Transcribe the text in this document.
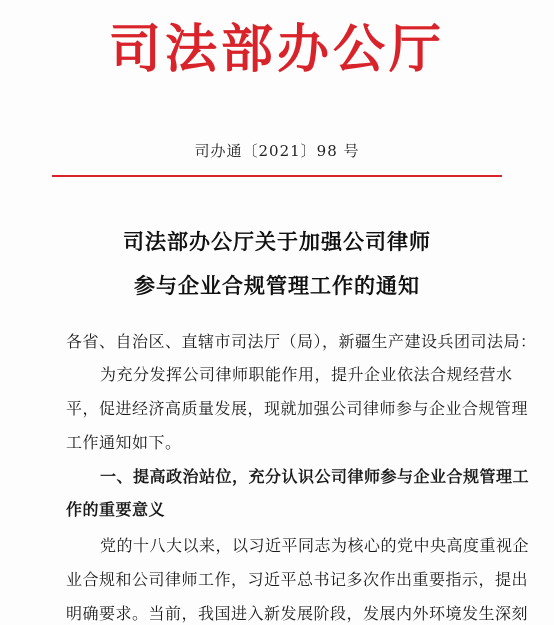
司法部办公厅
司办通〔2021〕98 号
司法部办公厅关于加强公司律师
参与企业合规管理工作的通知
各省、自治区、直辖市司法厅（局），新疆生产建设兵团司法局：
为充分发挥公司律师职能作用，提升企业依法合规经营水
平，促进经济高质量发展，现就加强公司律师参与企业合规管理
工作通知如下。
一、提高政治站位，充分认识公司律师参与企业合规管理工
作的重要意义
党的十八大以来，以习近平同志为核心的党中央高度重视企
业合规和公司律师工作，习近平总书记多次作出重要指示，提出
明确要求。当前，我国进入新发展阶段，发展内外环境发生深刻
